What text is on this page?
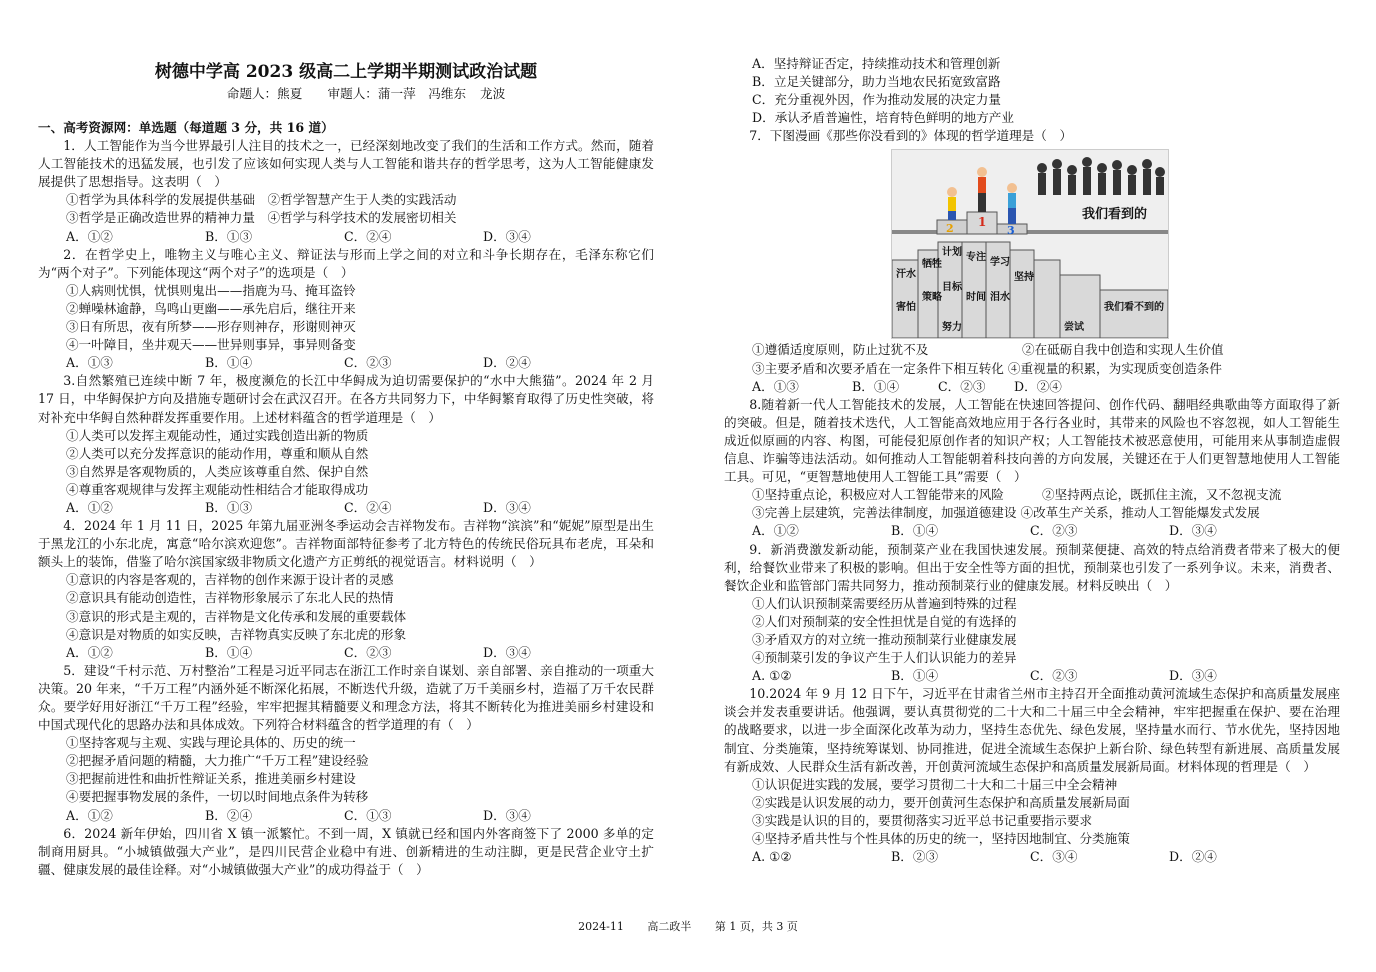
树德中学高 2023 级高二上学期半期测试政治试题
命题人：熊夏　　审题人：蒲一萍　冯维东 龙波
一、高考资源网：单选题（每道题 3 分，共 16 道）
1．人工智能作为当今世界最引人注目的技术之一，已经深刻地改变了我们的生活和工作方式。然而，随着人工智能技术的迅猛发展，也引发了应该如何实现人类与人工智能和谐共存的哲学思考，这为人工智能健康发展提供了思想指导。这表明（　）
①哲学为具体科学的发展提供基础　②哲学智慧产生于人类的实践活动
③哲学是正确改造世界的精神力量　④哲学与科学技术的发展密切相关
A．①②	B．①③	C．②④	D．③④
2．在哲学史上，唯物主义与唯心主义、辩证法与形而上学之间的对立和斗争长期存在，毛泽东称它们为“两个对子”。下列能体现这“两个对子”的选项是（　）
①人病则忧惧，忧惧则鬼出——指鹿为马、掩耳盗铃
②蝉噪林逾静，鸟鸣山更幽——承先启后，继往开来
③日有所思，夜有所梦——形存则神存，形谢则神灭
④一叶障目，坐井观天——世异则事异，事异则备变
A．①③	B．①④	C．②③	D．②④
3.自然繁殖已连续中断 7 年，极度濒危的长江中华鲟成为迫切需要保护的“水中大熊猫”。2024 年 2 月 17 日，中华鲟保护方向及措施专题研讨会在武汉召开。在各方共同努力下，中华鲟繁育取得了历史性突破，将对补充中华鲟自然种群发挥重要作用。上述材料蕴含的哲学道理是（　）
①人类可以发挥主观能动性，通过实践创造出新的物质
②人类可以充分发挥意识的能动作用，尊重和顺从自然
③自然界是客观物质的，人类应该尊重自然、保护自然
④尊重客观规律与发挥主观能动性相结合才能取得成功
A．①②	B．①③	C．②④	D．③④
4．2024 年 1 月 11 日，2025 年第九届亚洲冬季运动会吉祥物发布。吉祥物“滨滨”和“妮妮”原型是出生于黑龙江的小东北虎，寓意“哈尔滨欢迎您”。吉祥物面部特征参考了北方特色的传统民俗玩具布老虎，耳朵和额头上的装饰，借鉴了哈尔滨国家级非物质文化遗产方正剪纸的视觉语言。材料说明（　）
①意识的内容是客观的，吉祥物的创作来源于设计者的灵感
②意识具有能动创造性，吉祥物形象展示了东北人民的热情
③意识的形式是主观的，吉祥物是文化传承和发展的重要载体
④意识是对物质的如实反映，吉祥物真实反映了东北虎的形象
A．①②	B．①④	C．②③	D．③④
5．建设“千村示范、万村整治”工程是习近平同志在浙江工作时亲自谋划、亲自部署、亲自推动的一项重大决策。20 年来，“千万工程”内涵外延不断深化拓展，不断迭代升级，造就了万千美丽乡村，造福了万千农民群众。要学好用好浙江“千万工程”经验，牢牢把握其精髓要义和理念方法，将其不断转化为推进美丽乡村建设和中国式现代化的思路办法和具体成效。下列符合材料蕴含的哲学道理的有（　）
①坚持客观与主观、实践与理论具体的、历史的统一
②把握矛盾问题的精髓，大力推广“千万工程”建设经验
③把握前进性和曲折性辩证关系，推进美丽乡村建设
④要把握事物发展的条件，一切以时间地点条件为转移
A．①②	B．②④	C．①③	D．③④
6．2024 新年伊始，四川省 X 镇一派繁忙。不到一周，X 镇就已经和国内外客商签下了 2000 多单的定制商用厨具。“小城镇做强大产业”，是四川民营企业稳中有进、创新精进的生动注脚，更是民营企业守土扩疆、健康发展的最佳诠释。对“小城镇做强大产业”的成功得益于（　）
A．坚持辩证否定，持续推动技术和管理创新
B．立足关键部分，助力当地农民拓宽致富路
C．充分重视外因，作为推动发展的决定力量
D．承认矛盾普遍性，培育特色鲜明的地方产业
7．下图漫画《那些你没看到的》体现的哲学道理是（　）
2 1
3
我们看到的
汗水
牺牲
计划 专注 学习
坚持
尝试
害怕
策略
目标
时间 泪水
努力
我们看不到的
①遵循适度原则，防止过犹不及	②在砥砺自我中创造和实现人生价值
③主要矛盾和次要矛盾在一定条件下相互转化 ④重视量的积累，为实现质变创造条件
A．①③	B．①④	C．②③	D．②④
8.随着新一代人工智能技术的发展，人工智能在快速回答提问、创作代码、翻唱经典歌曲等方面取得了新的突破。但是，随着技术迭代，人工智能高效地应用于各行各业时，其带来的风险也不容忽视，如人工智能生成近似原画的内容、构图，可能侵犯原创作者的知识产权；人工智能技术被恶意使用，可能用来从事制造虚假信息、诈骗等违法活动。如何推动人工智能朝着科技向善的方向发展，关键还在于人们更智慧地使用人工智能工具。可见，“更智慧地使用人工智能工具”需要（　）
①坚持重点论，积极应对人工智能带来的风险	②坚持两点论，既抓住主流，又不忽视支流
③完善上层建筑，完善法律制度，加强道德建设 ④改革生产关系，推动人工智能爆发式发展
A．①②	B．①④	C．②③	D．③④
9．新消费激发新动能，预制菜产业在我国快速发展。预制菜便捷、高效的特点给消费者带来了极大的便利，给餐饮业带来了积极的影响。但出于安全性等方面的担忧，预制菜也引发了一系列争议。未来，消费者、餐饮企业和监管部门需共同努力，推动预制菜行业的健康发展。材料反映出（　）
①人们认识预制菜需要经历从普遍到特殊的过程
②人们对预制菜的安全性担忧是自觉的有选择的
③矛盾双方的对立统一推动预制菜行业健康发展
④预制菜引发的争议产生于人们认识能力的差异
A. ①②	B．①④	C．②③	D．③④
10.2024 年 9 月 12 日下午，习近平在甘肃省兰州市主持召开全面推动黄河流域生态保护和高质量发展座谈会并发表重要讲话。他强调，要认真贯彻党的二十大和二十届三中全会精神，牢牢把握重在保护、要在治理的战略要求，以进一步全面深化改革为动力，坚持生态优先、绿色发展，坚持量水而行、节水优先，坚持因地制宜、分类施策，坚持统筹谋划、协同推进，促进全流域生态保护上新台阶、绿色转型有新进展、高质量发展有新成效、人民群众生活有新改善，开创黄河流域生态保护和高质量发展新局面。材料体现的哲理是（　）
①认识促进实践的发展，要学习贯彻二十大和二十届三中全会精神
②实践是认识发展的动力，要开创黄河生态保护和高质量发展新局面
③实践是认识的目的，要贯彻落实习近平总书记重要指示要求
④坚持矛盾共性与个性具体的历史的统一，坚持因地制宜、分类施策
A. ①②	B．②③	C．③④	D．②④
2024-11 高二政半 第 1 页，共 3 页
